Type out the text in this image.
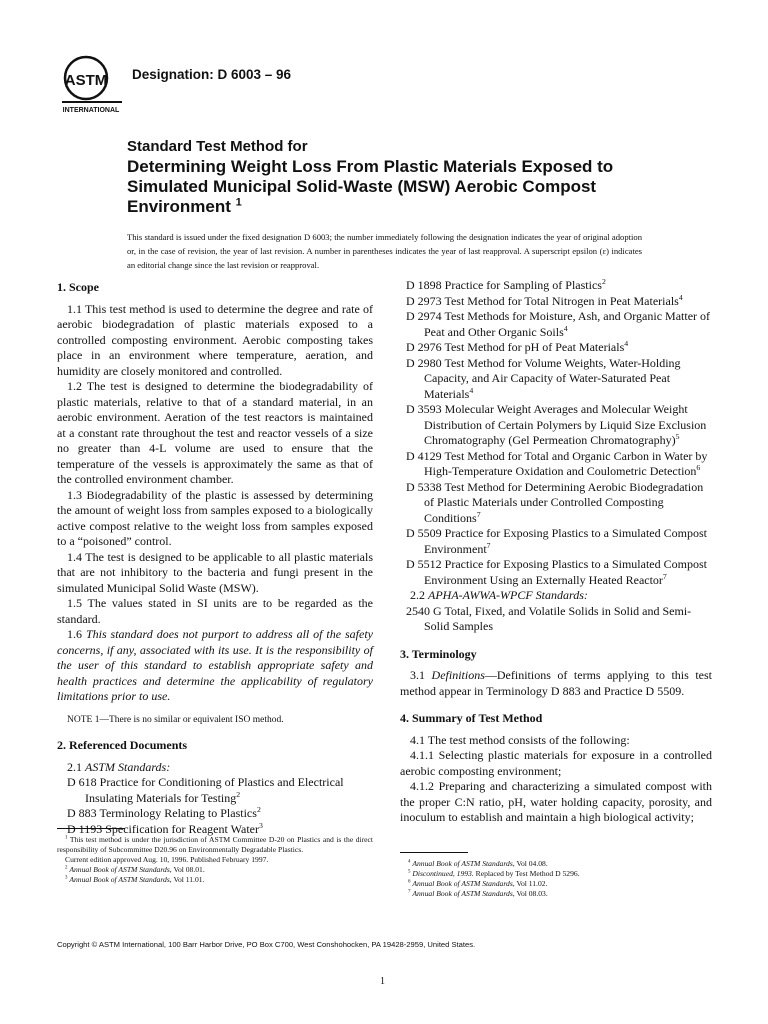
ASTM
INTERNATIONAL
Designation: D 6003 – 96
Standard Test Method for
Determining Weight Loss From Plastic Materials Exposed to
Simulated Municipal Solid-Waste (MSW) Aerobic Compost
Environment $^1$
This standard is issued under the fixed designation D 6003; the number immediately following the designation indicates the year of original adoption or, in the case of revision, the year of last revision. A number in parentheses indicates the year of last reapproval. A superscript epsilon (ε) indicates an editorial change since the last revision or reapproval.
1. Scope

1.1 This test method is used to determine the degree and rate of aerobic biodegradation of plastic materials exposed to a controlled composting environment. Aerobic composting takes place in an environment where temperature, aeration, and humidity are closely monitored and controlled.

1.2 The test is designed to determine the biodegradability of plastic materials, relative to that of a standard material, in an aerobic environment. Aeration of the test reactors is maintained at a constant rate throughout the test and reactor vessels of a size no greater than 4-L volume are used to ensure that the temperature of the vessels is approximately the same as that of the controlled environment chamber.

1.3 Biodegradability of the plastic is assessed by determining the amount of weight loss from samples exposed to a biologically active compost relative to the weight loss from samples exposed to a “poisoned” control.

1.4 The test is designed to be applicable to all plastic materials that are not inhibitory to the bacteria and fungi present in the simulated Municipal Solid Waste (MSW).

1.5 The values stated in SI units are to be regarded as the standard.

1.6 This standard does not purport to address all of the safety concerns, if any, associated with its use. It is the responsibility of the user of this standard to establish appropriate safety and health practices and determine the applicability of regulatory limitations prior to use.

NOTE 1—There is no similar or equivalent ISO method.

2. Referenced Documents

2.1 ASTM Standards:

D 618 Practice for Conditioning of Plastics and Electrical Insulating Materials for Testing$^2$

D 883 Terminology Relating to Plastics$^2$

D 1193 Specification for Reagent Water$^3$

$^1$ This test method is under the jurisdiction of ASTM Committee D-20 on Plastics and is the direct responsibility of Subcommittee D20.96 on Environmentally Degradable Plastics.

Current edition approved Aug. 10, 1996. Published February 1997.

$^2$ Annual Book of ASTM Standards, Vol 08.01.

$^3$ Annual Book of ASTM Standards, Vol 11.01.

D 1898 Practice for Sampling of Plastics$^2$

D 2973 Test Method for Total Nitrogen in Peat Materials$^4$

D 2974 Test Methods for Moisture, Ash, and Organic Matter of Peat and Other Organic Soils$^4$

D 2976 Test Method for pH of Peat Materials$^4$

D 2980 Test Method for Volume Weights, Water-Holding Capacity, and Air Capacity of Water-Saturated Peat Materials$^4$

D 3593 Molecular Weight Averages and Molecular Weight Distribution of Certain Polymers by Liquid Size Exclusion Chromatography (Gel Permeation Chromatography)$^5$

D 4129 Test Method for Total and Organic Carbon in Water by High-Temperature Oxidation and Coulometric Detection$^6$

D 5338 Test Method for Determining Aerobic Biodegradation of Plastic Materials under Controlled Composting Conditions$^7$

D 5509 Practice for Exposing Plastics to a Simulated Compost Environment$^7$

D 5512 Practice for Exposing Plastics to a Simulated Compost Environment Using an Externally Heated Reactor$^7$

2.2 APHA-AWWA-WPCF Standards:

2540 G Total, Fixed, and Volatile Solids in Solid and Semi-Solid Samples

3. Terminology

3.1 Definitions—Definitions of terms applying to this test method appear in Terminology D 883 and Practice D 5509.

4. Summary of Test Method

4.1 The test method consists of the following:

4.1.1 Selecting plastic materials for exposure in a controlled aerobic composting environment;

4.1.2 Preparing and characterizing a simulated compost with the proper C:N ratio, pH, water holding capacity, porosity, and inoculum to establish and maintain a high biological activity;

$^4$ Annual Book of ASTM Standards, Vol 04.08.

$^5$ Discontinued, 1993. Replaced by Test Method D 5296.

$^6$ Annual Book of ASTM Standards, Vol 11.02.

$^7$ Annual Book of ASTM Standards, Vol 08.03.

Copyright © ASTM International, 100 Barr Harbor Drive, PO Box C700, West Conshohocken, PA 19428-2959, United States.
1
